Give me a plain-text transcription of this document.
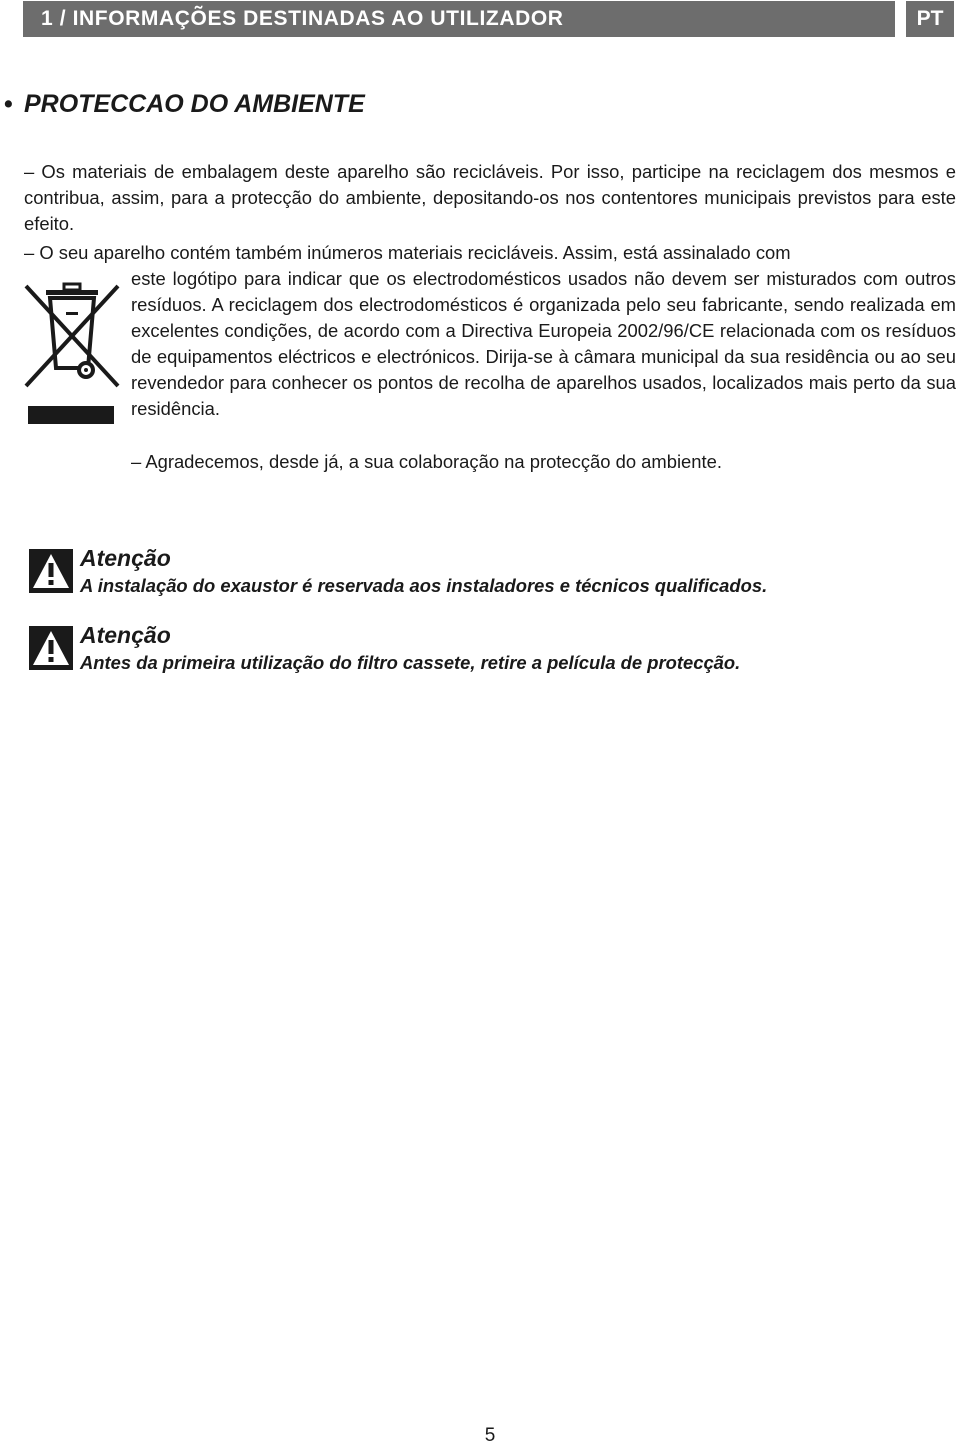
1 / INFORMAÇÕES DESTINADAS AO UTILIZADOR	PT
• PROTECCAO DO AMBIENTE
– Os materiais de embalagem deste aparelho são recicláveis. Por isso, participe na reciclagem dos mesmos e contribua, assim, para a protecção do ambiente, depositando-os nos contentores municipais previstos para este efeito.
– O seu aparelho contém também inúmeros materiais recicláveis. Assim, está assinalado com
este logótipo para indicar que os electrodomésticos usados não devem ser misturados com outros resíduos. A reciclagem dos electrodomésticos é organizada pelo seu fabricante, sendo realizada em excelentes condições, de acordo com a Directiva Europeia 2002/96/CE relacionada com os resíduos de equipamentos eléctricos e electrónicos. Dirija-se à câmara municipal da sua residência ou ao seu revendedor para conhecer os pontos de recolha de aparelhos usados, localizados mais perto da sua residência.
– Agradecemos, desde já, a sua colaboração na protecção do ambiente.
Atenção
A instalação do exaustor é reservada aos instaladores e técnicos qualificados.
Atenção
Antes da primeira utilização do filtro cassete, retire a película de protecção.
5
